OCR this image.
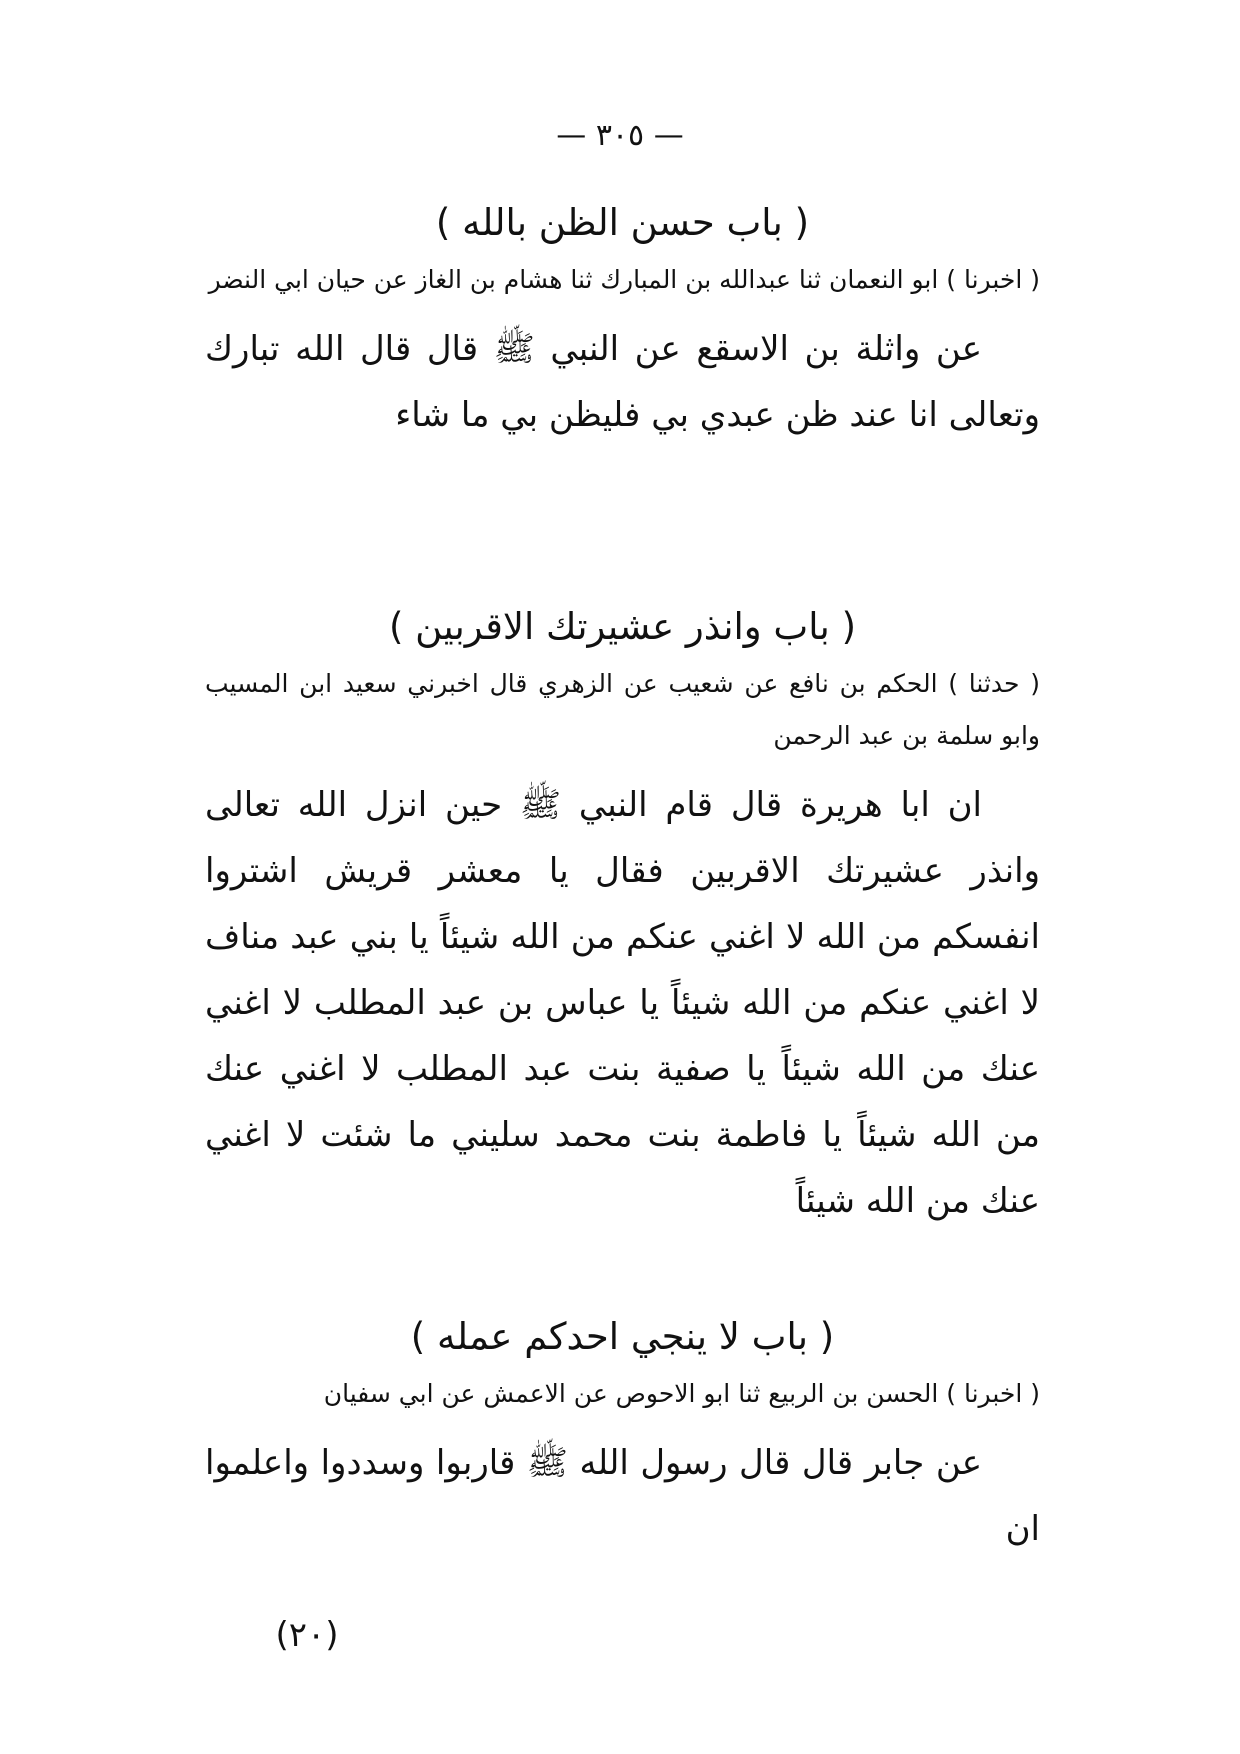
— ٣٠٥ —
( باب حسن الظن بالله )

( اخبرنا ) ابو النعمان ثنا عبدالله بن المبارك ثنا هشام بن الغاز عن حيان ابي النضر

عن واثلة بن الاسقع عن النبي ﷺ قال قال الله تبارك وتعالى انا عند ظن عبدي بي فليظن بي ما شاء

( باب وانذر عشيرتك الاقربين )

( حدثنا ) الحكم بن نافع عن شعيب عن الزهري قال اخبرني سعيد ابن المسيب وابو سلمة بن عبد الرحمن

ان ابا هريرة قال قام النبي ﷺ حين انزل الله تعالى وانذر عشيرتك الاقربين فقال يا معشر قريش اشتروا انفسكم من الله لا اغني عنكم من الله شيئاً يا بني عبد مناف لا اغني عنكم من الله شيئاً يا عباس بن عبد المطلب لا اغني عنك من الله شيئاً يا صفية بنت عبد المطلب لا اغني عنك من الله شيئاً يا فاطمة بنت محمد سليني ما شئت لا اغني عنك من الله شيئاً

( باب لا ينجي احدكم عمله )

( اخبرنا ) الحسن بن الربيع ثنا ابو الاحوص عن الاعمش عن ابي سفيان

عن جابر قال قال رسول الله ﷺ قاربوا وسددوا واعلموا ان

(٢٠)
